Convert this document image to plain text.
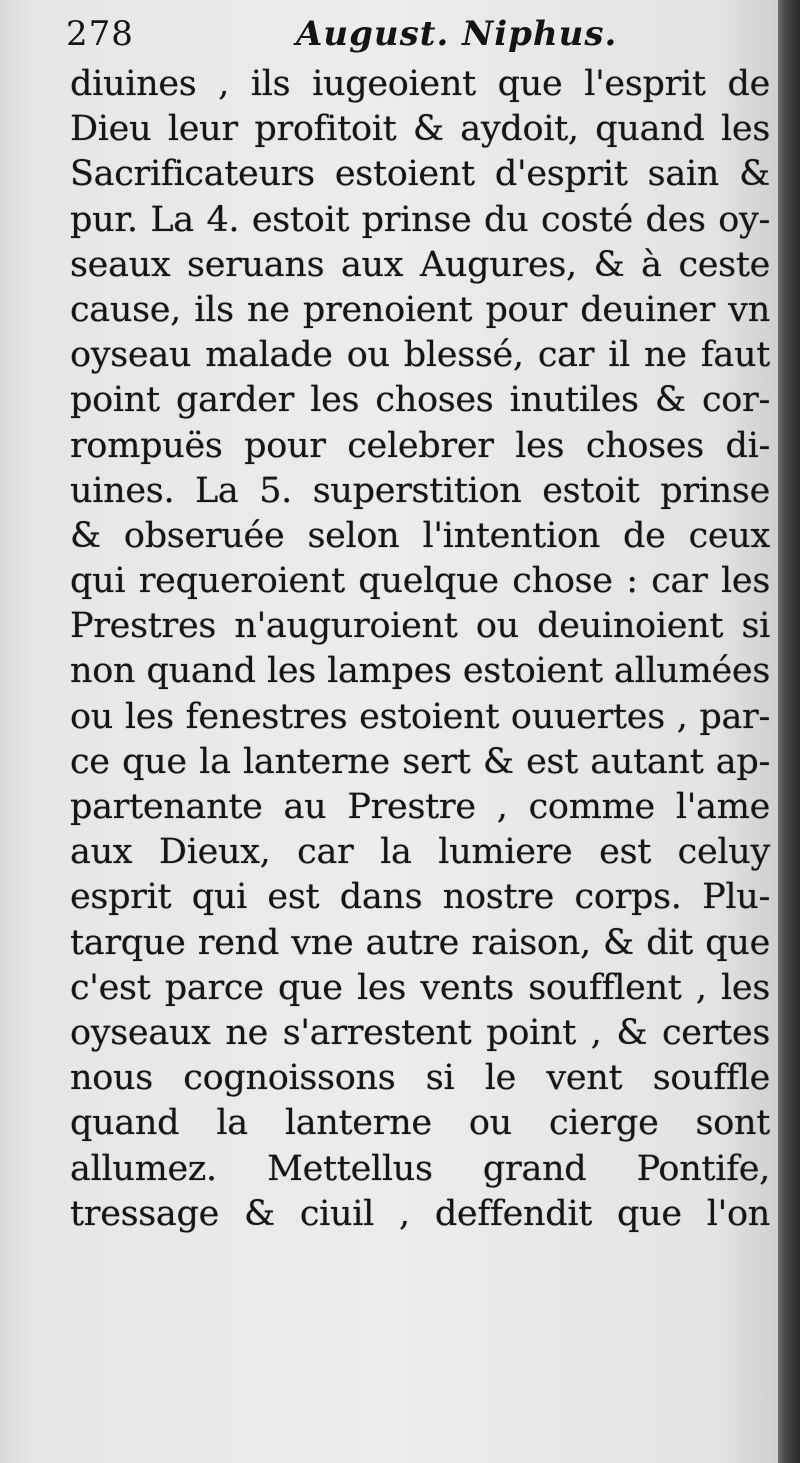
278	August. Niphus.
diuines , ils iugeoient que l'esprit de
Dieu leur profitoit & aydoit, quand les
Sacrificateurs estoient d'esprit sain &
pur. La 4. estoit prinse du costé des oy-
seaux seruans aux Augures, & à ceste
cause, ils ne prenoient pour deuiner vn
oyseau malade ou blessé, car il ne faut
point garder les choses inutiles & cor-
rompuës pour celebrer les choses di-
uines. La 5. superstition estoit prinse
& obseruée selon l'intention de ceux
qui requeroient quelque chose : car les
Prestres n'auguroient ou deuinoient si
non quand les lampes estoient allumées
ou les fenestres estoient ouuertes , par-
ce que la lanterne sert & est autant ap-
partenante au Prestre , comme l'ame
aux Dieux, car la lumiere est celuy
esprit qui est dans nostre corps. Plu-
tarque rend vne autre raison, & dit que
c'est parce que les vents soufflent , les
oyseaux ne s'arrestent point , & certes
nous cognoissons si le vent souffle
quand la lanterne ou cierge sont
allumez. Mettellus grand Pontife,
tressage & ciuil , deffendit que l'on
